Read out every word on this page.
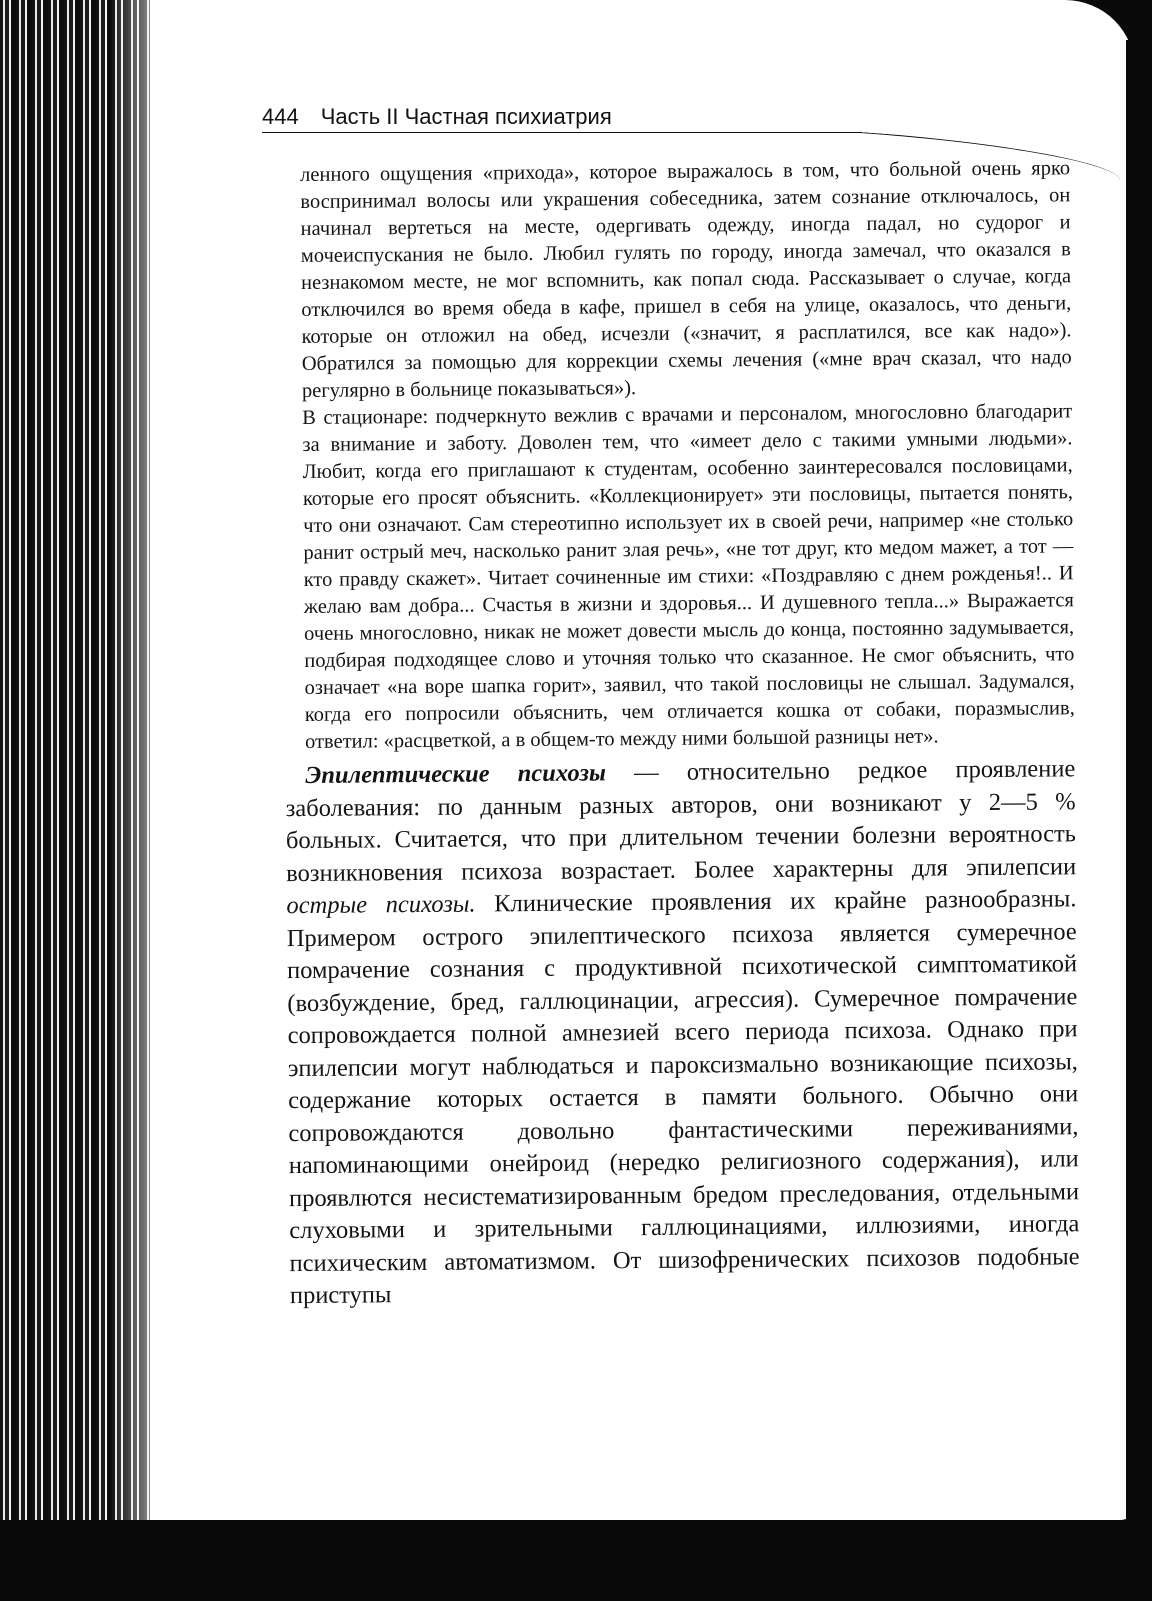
444 Часть II Частная психиатрия

ленного ощущения «прихода», которое выражалось в том, что больной очень ярко воспринимал волосы или украшения собеседника, затем сознание отключалось, он начинал вертеться на месте, одергивать одежду, иногда падал, но судорог и мочеиспускания не было. Любил гулять по городу, иногда замечал, что оказался в незнакомом месте, не мог вспомнить, как попал сюда. Рассказывает о случае, когда отключился во время обеда в кафе, пришел в себя на улице, оказалось, что деньги, которые он отложил на обед, исчезли («значит, я расплатился, все как надо»). Обратился за помощью для коррекции схемы лечения («мне врач сказал, что надо регулярно в больнице показываться»).

В стационаре: подчеркнуто вежлив с врачами и персоналом, многословно благодарит за внимание и заботу. Доволен тем, что «имеет дело с такими умными людьми». Любит, когда его приглашают к студентам, особенно заинтересовался пословицами, которые его просят объяснить. «Коллекционирует» эти пословицы, пытается понять, что они означают. Сам стереотипно использует их в своей речи, например «не столько ранит острый меч, насколько ранит злая речь», «не тот друг, кто медом мажет, а тот — кто правду скажет». Читает сочиненные им стихи: «Поздравляю с днем рожденья!.. И желаю вам добра... Счастья в жизни и здоровья... И душевного тепла...» Выражается очень многословно, никак не может довести мысль до конца, постоянно задумывается, подбирая подходящее слово и уточняя только что сказанное. Не смог объяснить, что означает «на воре шапка горит», заявил, что такой пословицы не слышал. Задумался, когда его попросили объяснить, чем отличается кошка от собаки, поразмыслив, ответил: «расцветкой, а в общем-то между ними большой разницы нет».

Эпилептические психозы — относительно редкое проявление заболевания: по данным разных авторов, они возникают у 2—5 % больных. Считается, что при длительном течении болезни вероятность возникновения психоза возрастает. Более характерны для эпилепсии острые психозы. Клинические проявления их крайне разнообразны. Примером острого эпилептического психоза является сумеречное помрачение сознания с продуктивной психотической симптоматикой (возбуждение, бред, галлюцинации, агрессия). Сумеречное помрачение сопровождается полной амнезией всего периода психоза. Однако при эпилепсии могут наблюдаться и пароксизмально возникающие психозы, содержание которых остается в памяти больного. Обычно они сопровождаются довольно фантастическими переживаниями, напоминающими онейроид (нередко религиозного содержания), или проявлются несистематизированным бредом преследования, отдельными слуховыми и зрительными галлюцинациями, иллюзиями, иногда психическим автоматизмом. От шизофренических психозов подобные приступы
